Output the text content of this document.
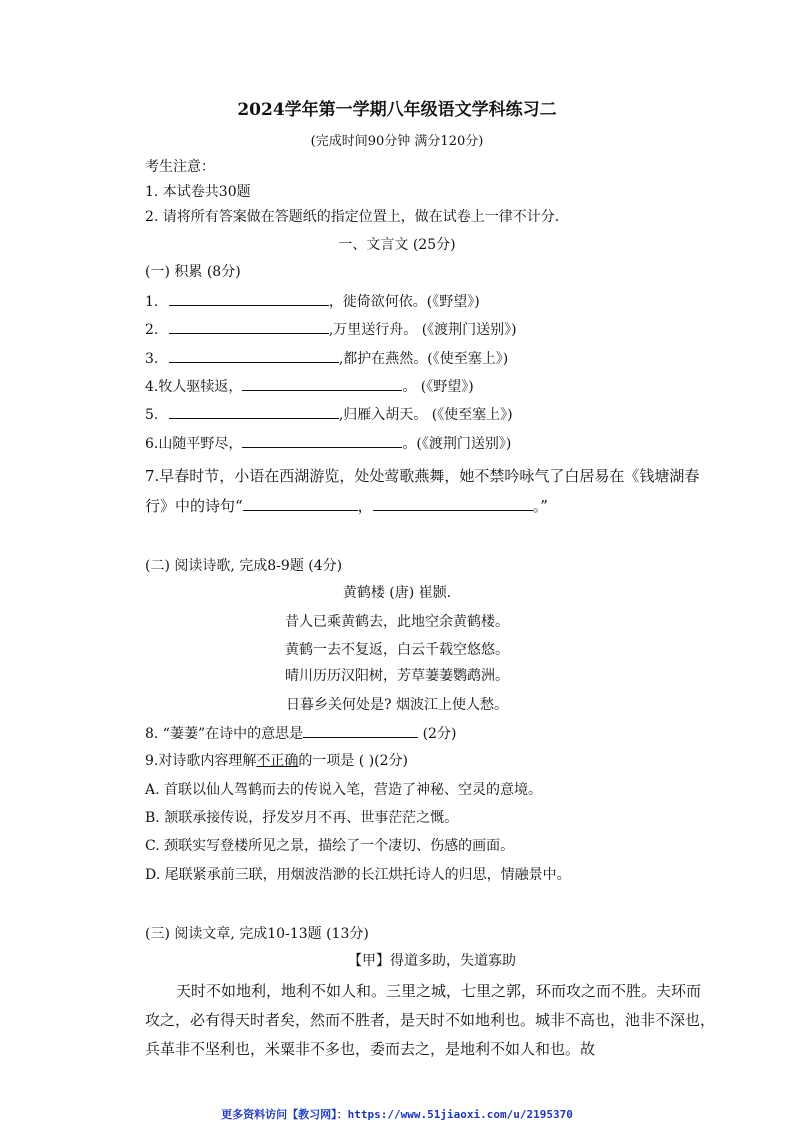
2024学年第一学期八年级语文学科练习二
(完成时间90分钟 满分120分)
考生注意：
1. 本试卷共30题
2. 请将所有答案做在答题纸的指定位置上，做在试卷上一律不计分.
一、文言文 (25分)
(一) 积累 (8分)
1.	，徙倚欲何依。(《野望》)
2.	,万里送行舟。 (《渡荆门送别》)
3.	,都护在燕然。(《使至塞上》)
4.牧人驱犊返，	。 (《野望》)
5.	,归雁入胡天。 (《使至塞上》)
6.山随平野尽，	。(《渡荆门送别》)
7.早春时节，小语在西湖游览，处处莺歌燕舞，她不禁吟咏气了白居易在《钱塘湖春
行》中的诗句“	，	。”
(二) 阅读诗歌, 完成8-9题 (4分)
黄鹤楼 (唐) 崔颢.
昔人已乘黄鹤去，此地空余黄鹤楼。
黄鹤一去不复返，白云千载空悠悠。
晴川历历汉阳树，芳草萋萋鹦鹉洲。
日暮乡关何处是? 烟波江上使人愁。
8. “萋萋”在诗中的意思是	(2分)
9.对诗歌内容理解不正确的一项是 ( )(2分)
A. 首联以仙人驾鹤而去的传说入笔，营造了神秘、空灵的意境。
B. 颔联承接传说，抒发岁月不再、世事茫茫之慨。
C. 颈联实写登楼所见之景，描绘了一个凄切、伤感的画面。
D. 尾联紧承前三联，用烟波浩渺的长江烘托诗人的归思，情融景中。
(三) 阅读文章, 完成10-13题 (13分)
【甲】得道多助，失道寡助
天时不如地利，地利不如人和。三里之城，七里之郭，环而攻之而不胜。夫环而
攻之，必有得天时者矣，然而不胜者，是天时不如地利也。城非不高也，池非不深也，
兵革非不坚利也，米粟非不多也，委而去之，是地利不如人和也。故
更多资料访问【教习网】：https://www.51jiaoxi.com/u/2195370
